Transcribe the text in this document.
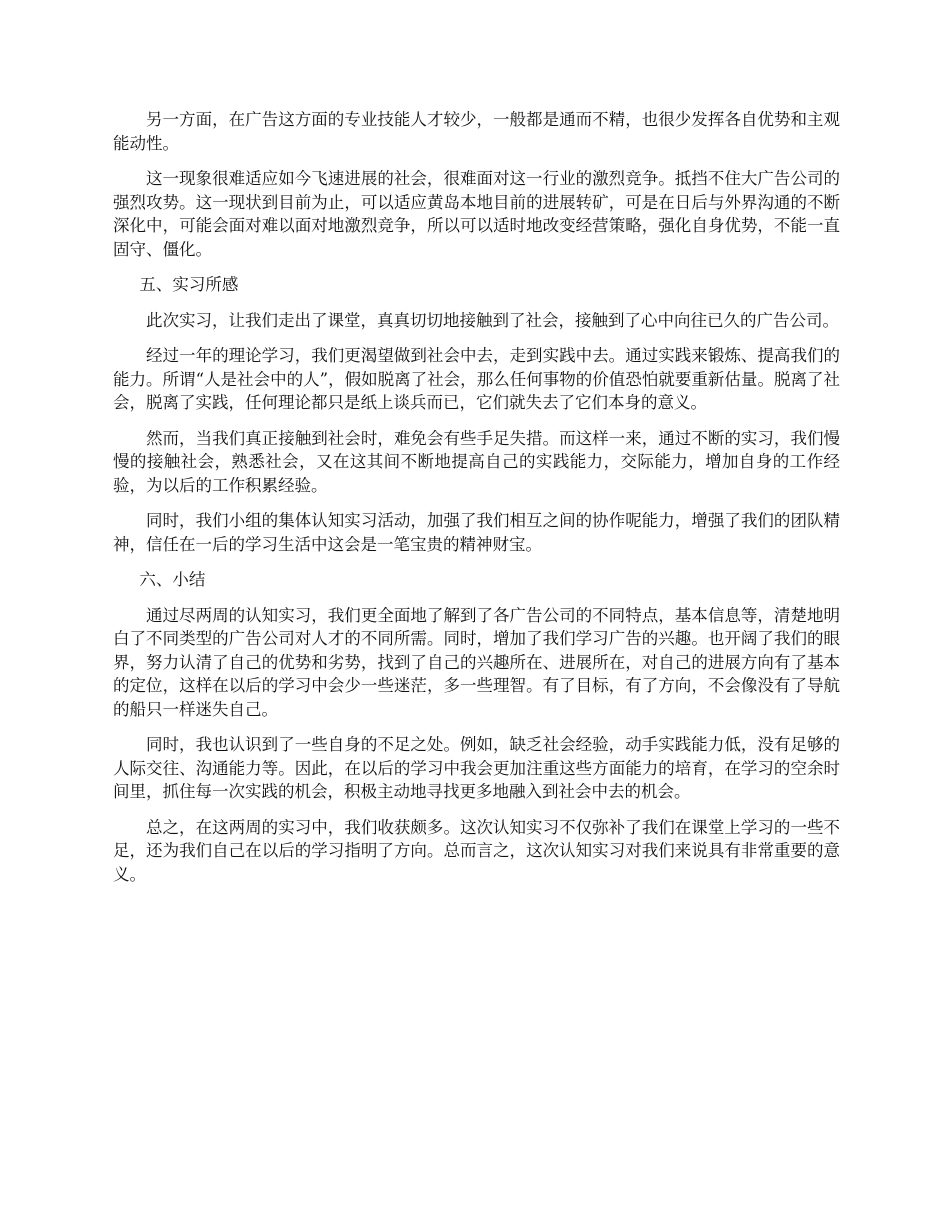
另一方面，在广告这方面的专业技能人才较少，一般都是通而不精，也很少发挥各自优势和主观能动性。

这一现象很难适应如今飞速进展的社会，很难面对这一行业的激烈竞争。抵挡不住大广告公司的强烈攻势。这一现状到目前为止，可以适应黄岛本地目前的进展转矿，可是在日后与外界沟通的不断深化中，可能会面对难以面对地激烈竞争，所以可以适时地改变经营策略，强化自身优势，不能一直固守、僵化。

五、实习所感

此次实习，让我们走出了课堂，真真切切地接触到了社会，接触到了心中向往已久的广告公司。

经过一年的理论学习，我们更渴望做到社会中去，走到实践中去。通过实践来锻炼、提高我们的能力。所谓“人是社会中的人”，假如脱离了社会，那么任何事物的价值恐怕就要重新估量。脱离了社会，脱离了实践，任何理论都只是纸上谈兵而已，它们就失去了它们本身的意义。

然而，当我们真正接触到社会时，难免会有些手足失措。而这样一来，通过不断的实习，我们慢慢的接触社会，熟悉社会，又在这其间不断地提高自己的实践能力，交际能力，增加自身的工作经验，为以后的工作积累经验。

同时，我们小组的集体认知实习活动，加强了我们相互之间的协作呢能力，增强了我们的团队精神，信任在一后的学习生活中这会是一笔宝贵的精神财宝。

六、小结

通过尽两周的认知实习，我们更全面地了解到了各广告公司的不同特点，基本信息等，清楚地明白了不同类型的广告公司对人才的不同所需。同时，增加了我们学习广告的兴趣。也开阔了我们的眼界，努力认清了自己的优势和劣势，找到了自己的兴趣所在、进展所在，对自己的进展方向有了基本的定位，这样在以后的学习中会少一些迷茫，多一些理智。有了目标，有了方向，不会像没有了导航的船只一样迷失自己。

同时，我也认识到了一些自身的不足之处。例如，缺乏社会经验，动手实践能力低，没有足够的人际交往、沟通能力等。因此，在以后的学习中我会更加注重这些方面能力的培育，在学习的空余时间里，抓住每一次实践的机会，积极主动地寻找更多地融入到社会中去的机会。

总之，在这两周的实习中，我们收获颇多。这次认知实习不仅弥补了我们在课堂上学习的一些不足，还为我们自己在以后的学习指明了方向。总而言之，这次认知实习对我们来说具有非常重要的意义。
